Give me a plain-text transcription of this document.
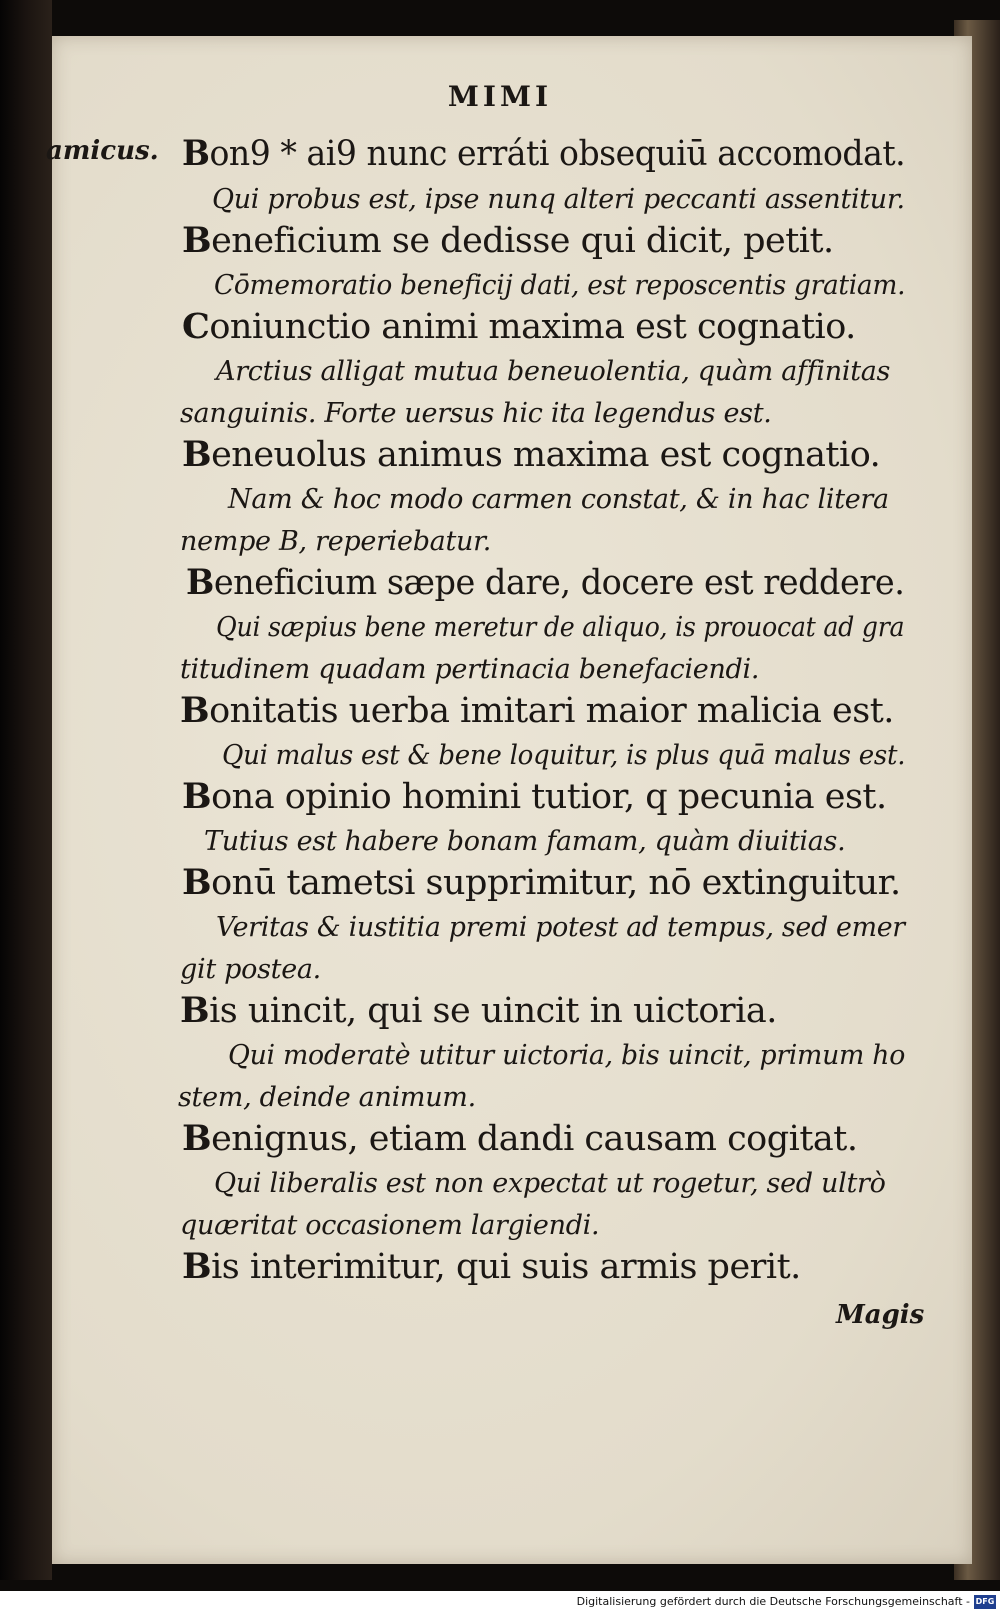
MIMI
amicus. Bon9 * ai9 nunc erráti obsequiū accomodat.
Qui probus est, ipse nunq alteri peccanti assentitur.
Beneficium se dedisse qui dicit, petit.
Cōmemoratio beneficij dati, est reposcentis gratiam.
Coniunctio animi maxima est cognatio.
Arctius alligat mutua beneuolentia, quàm affinitas
sanguinis. Forte uersus hic ita legendus est.
Beneuolus animus maxima est cognatio.
Nam & hoc modo carmen constat, & in hac litera
nempe B, reperiebatur.
Beneficium sæpe dare, docere est reddere.
Qui sæpius bene meretur de aliquo, is prouocat ad gra
titudinem quadam pertinacia benefaciendi.
Bonitatis uerba imitari maior malicia est.
Qui malus est & bene loquitur, is plus quā malus est.
Bona opinio homini tutior, q pecunia est.
Tutius est habere bonam famam, quàm diuitias.
Bonū tametsi supprimitur, nō extinguitur.
Veritas & iustitia premi potest ad tempus, sed emer
git postea.
Bis uincit, qui se uincit in uictoria.
Qui moderatè utitur uictoria, bis uincit, primum ho
stem, deinde animum.
Benignus, etiam dandi causam cogitat.
Qui liberalis est non expectat ut rogetur, sed ultrò
quæritat occasionem largiendi.
Bis interimitur, qui suis armis perit.
Magis
Digitalisierung gefördert durch die Deutsche Forschungsgemeinschaft - DFG
